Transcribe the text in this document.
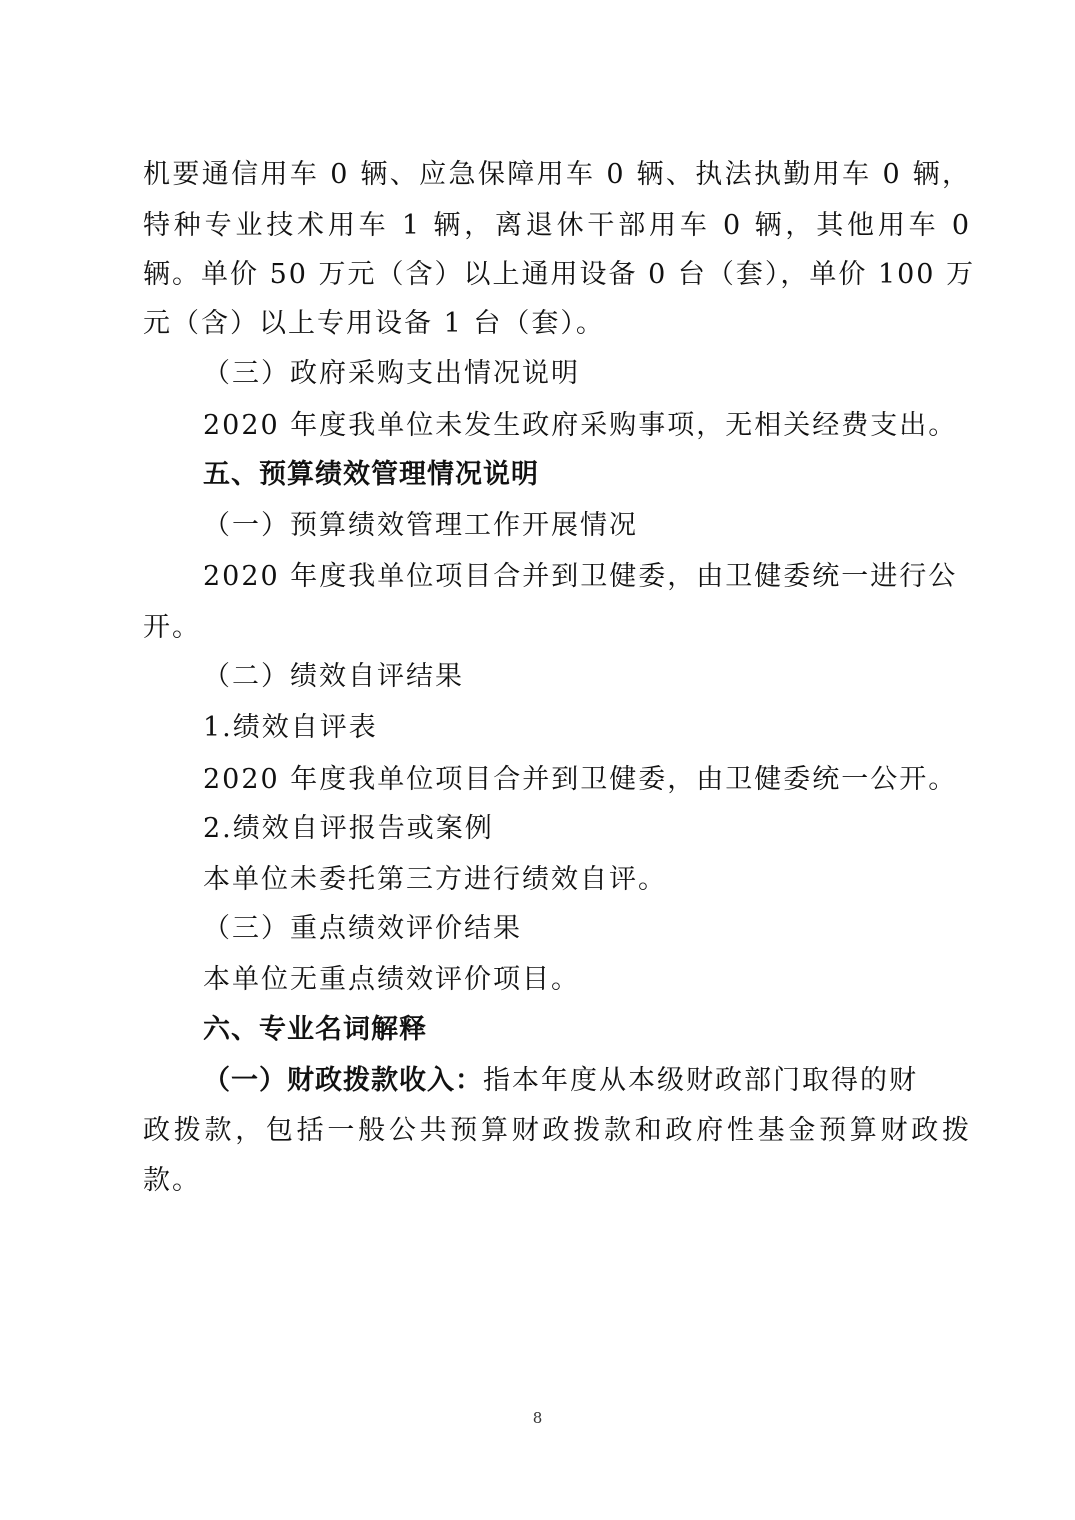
机要通信用车 0 辆、应急保障用车 0 辆、执法执勤用车 0 辆，
特种专业技术用车 1 辆，离退休干部用车 0 辆，其他用车 0
辆。单价 50 万元（含）以上通用设备 0 台（套），单价 100 万
元（含）以上专用设备 1 台（套）。
（三）政府采购支出情况说明
2020 年度我单位未发生政府采购事项，无相关经费支出。
五、预算绩效管理情况说明
（一）预算绩效管理工作开展情况
2020 年度我单位项目合并到卫健委，由卫健委统一进行公
开。
（二）绩效自评结果
1.绩效自评表
2020 年度我单位项目合并到卫健委，由卫健委统一公开。
2.绩效自评报告或案例
本单位未委托第三方进行绩效自评。
（三）重点绩效评价结果
本单位无重点绩效评价项目。
六、专业名词解释
（一）财政拨款收入：指本年度从本级财政部门取得的财
政拨款，包括一般公共预算财政拨款和政府性基金预算财政拨
款。
8
